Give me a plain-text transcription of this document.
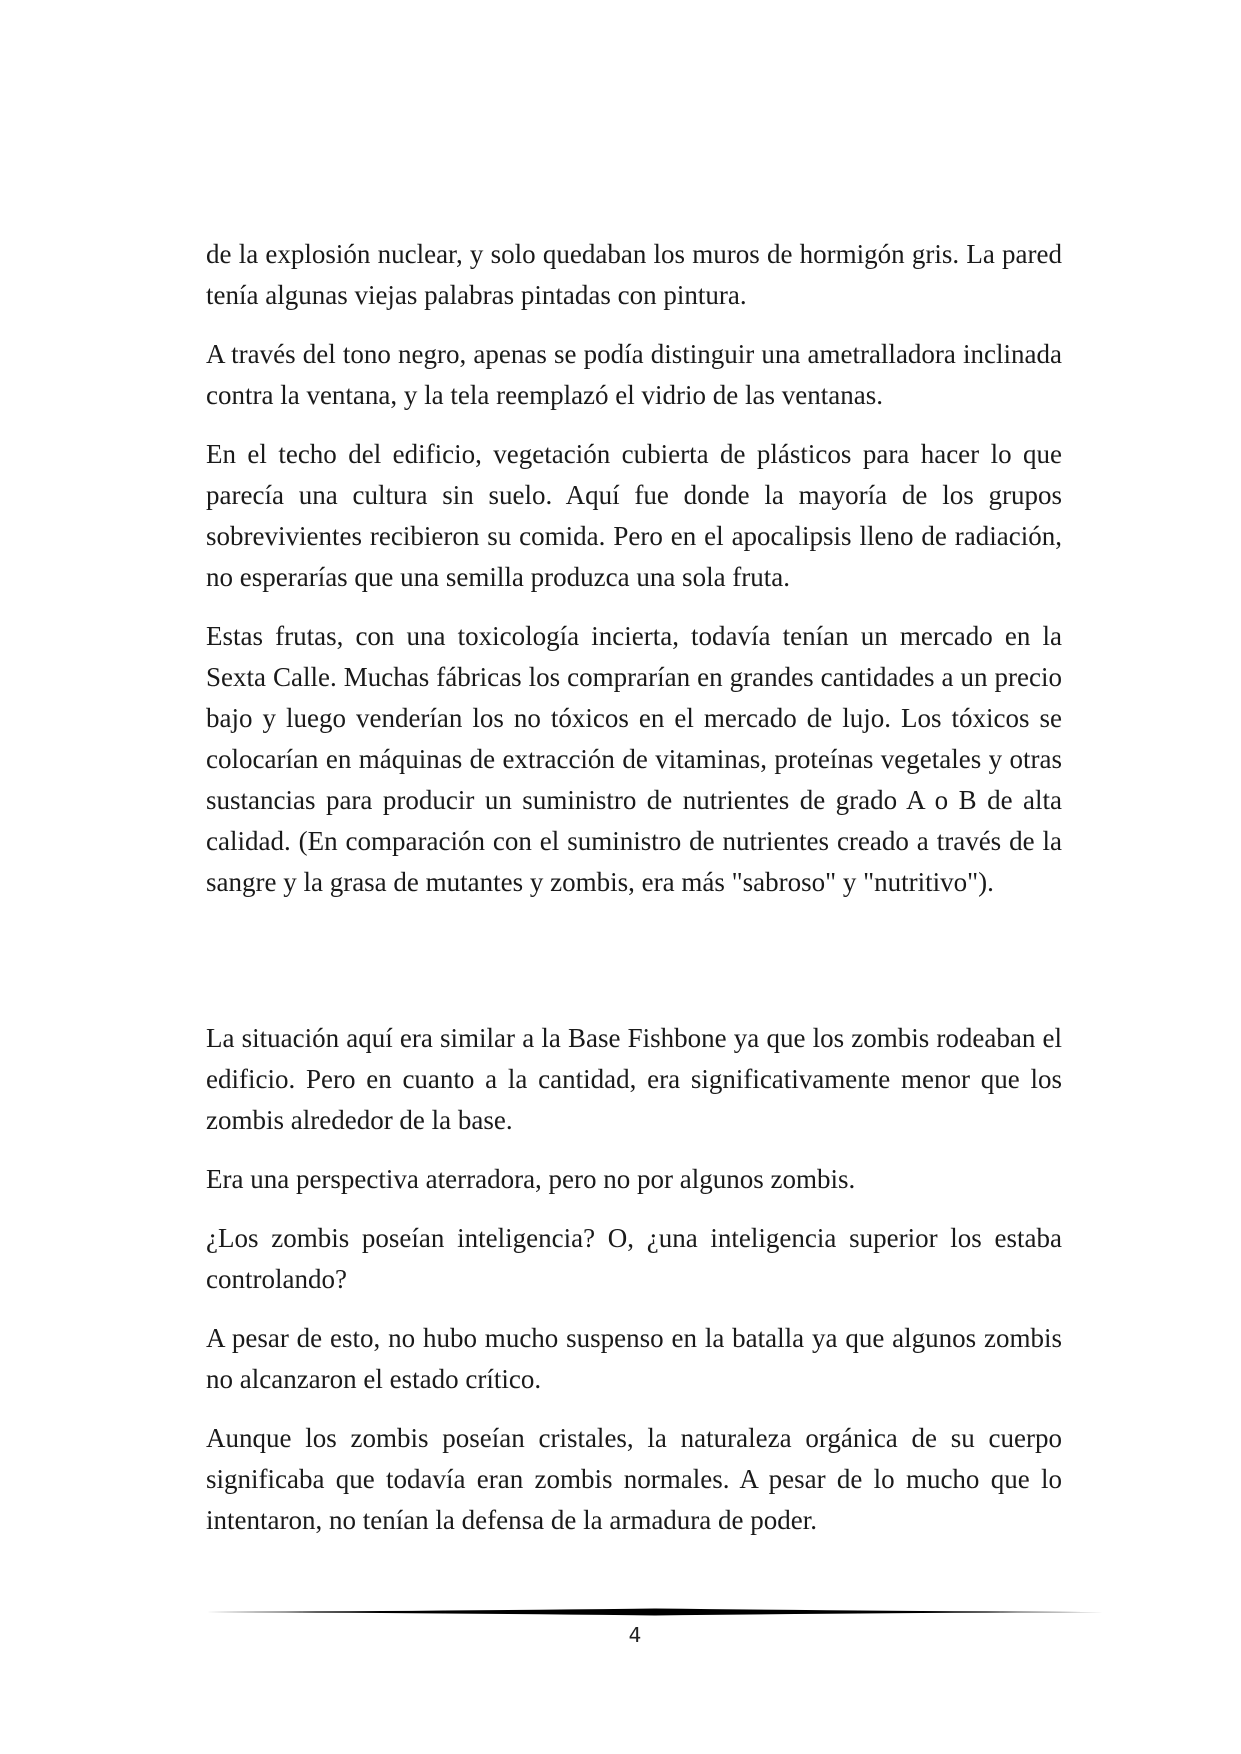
de la explosión nuclear, y solo quedaban los muros de hormigón gris. La pared tenía algunas viejas palabras pintadas con pintura.

A través del tono negro, apenas se podía distinguir una ametralladora inclinada contra la ventana, y la tela reemplazó el vidrio de las ventanas.

En el techo del edificio, vegetación cubierta de plásticos para hacer lo que parecía una cultura sin suelo. Aquí fue donde la mayoría de los grupos sobrevivientes recibieron su comida. Pero en el apocalipsis lleno de radiación, no esperarías que una semilla produzca una sola fruta.

Estas frutas, con una toxicología incierta, todavía tenían un mercado en la Sexta Calle. Muchas fábricas los comprarían en grandes cantidades a un precio bajo y luego venderían los no tóxicos en el mercado de lujo. Los tóxicos se colocarían en máquinas de extracción de vitaminas, proteínas vegetales y otras sustancias para producir un suministro de nutrientes de grado A o B de alta calidad. (En comparación con el suministro de nutrientes creado a través de la sangre y la grasa de mutantes y zombis, era más "sabroso" y "nutritivo").

La situación aquí era similar a la Base Fishbone ya que los zombis rodeaban el edificio. Pero en cuanto a la cantidad, era significativamente menor que los zombis alrededor de la base.

Era una perspectiva aterradora, pero no por algunos zombis.

¿Los zombis poseían inteligencia? O, ¿una inteligencia superior los estaba controlando?

A pesar de esto, no hubo mucho suspenso en la batalla ya que algunos zombis no alcanzaron el estado crítico.

Aunque los zombis poseían cristales, la naturaleza orgánica de su cuerpo significaba que todavía eran zombis normales. A pesar de lo mucho que lo intentaron, no tenían la defensa de la armadura de poder.

4
